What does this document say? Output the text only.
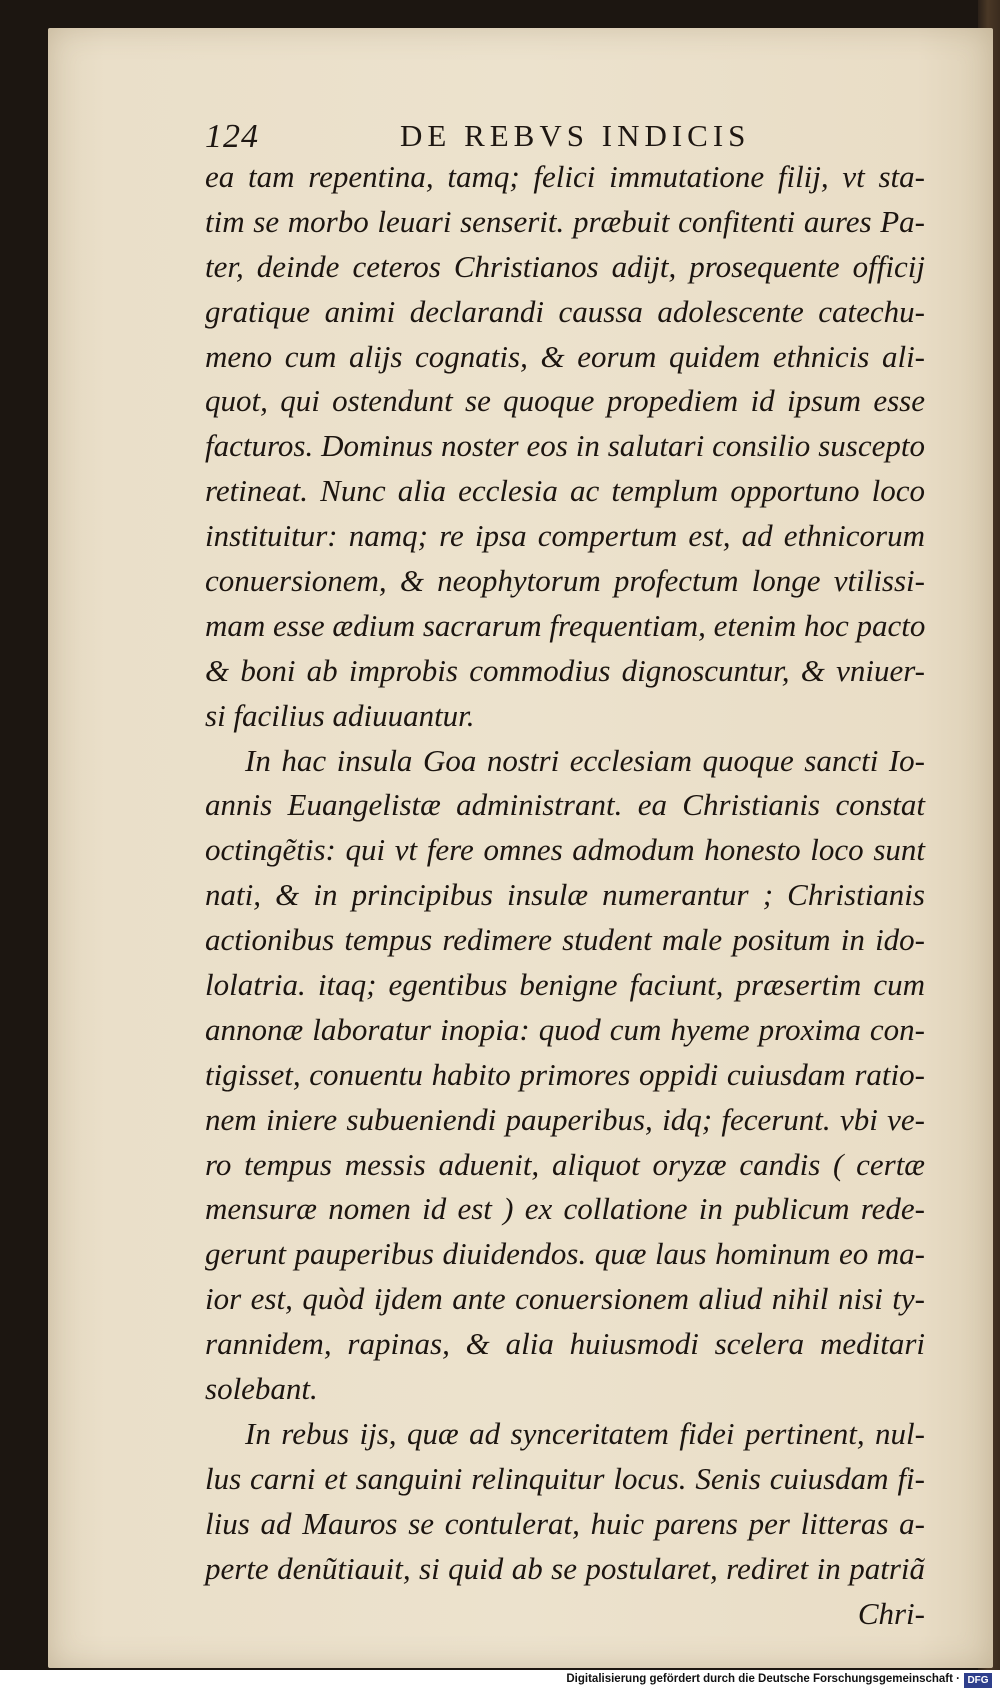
124	DE REBVS INDICIS
ea tam repentina, tamq; felici immutatione filij, vt sta-
tim se morbo leuari senserit. præbuit confitenti aures Pa-
ter, deinde ceteros Christianos adijt, prosequente officij
gratique animi declarandi caussa adolescente catechu-
meno cum alijs cognatis, & eorum quidem ethnicis ali-
quot, qui ostendunt se quoque propediem id ipsum esse
facturos. Dominus noster eos in salutari consilio suscepto
retineat. Nunc alia ecclesia ac templum opportuno loco
instituitur: namq; re ipsa compertum est, ad ethnicorum
conuersionem, & neophytorum profectum longe vtilissi-
mam esse ædium sacrarum frequentiam, etenim hoc pacto
& boni ab improbis commodius dignoscuntur, & vniuer-
si facilius adiuuantur.
In hac insula Goa nostri ecclesiam quoque sancti Io-
annis Euangelistæ administrant. ea Christianis constat
octingẽtis: qui vt fere omnes admodum honesto loco sunt
nati, & in principibus insulæ numerantur ; Christianis
actionibus tempus redimere student male positum in ido-
lolatria. itaq; egentibus benigne faciunt, præsertim cum
annonæ laboratur inopia: quod cum hyeme proxima con-
tigisset, conuentu habito primores oppidi cuiusdam ratio-
nem iniere subueniendi pauperibus, idq; fecerunt. vbi ve-
ro tempus messis aduenit, aliquot oryzæ candis ( certæ
mensuræ nomen id est ) ex collatione in publicum rede-
gerunt pauperibus diuidendos. quæ laus hominum eo ma-
ior est, quòd ijdem ante conuersionem aliud nihil nisi ty-
rannidem, rapinas, & alia huiusmodi scelera meditari
solebant.
In rebus ijs, quæ ad synceritatem fidei pertinent, nul-
lus carni et sanguini relinquitur locus. Senis cuiusdam fi-
lius ad Mauros se contulerat, huic parens per litteras a-
perte denũtiauit, si quid ab se postularet, rediret in patriã
Chri-
Digitalisierung gefördert durch die Deutsche Forschungsgemeinschaft · DFG
